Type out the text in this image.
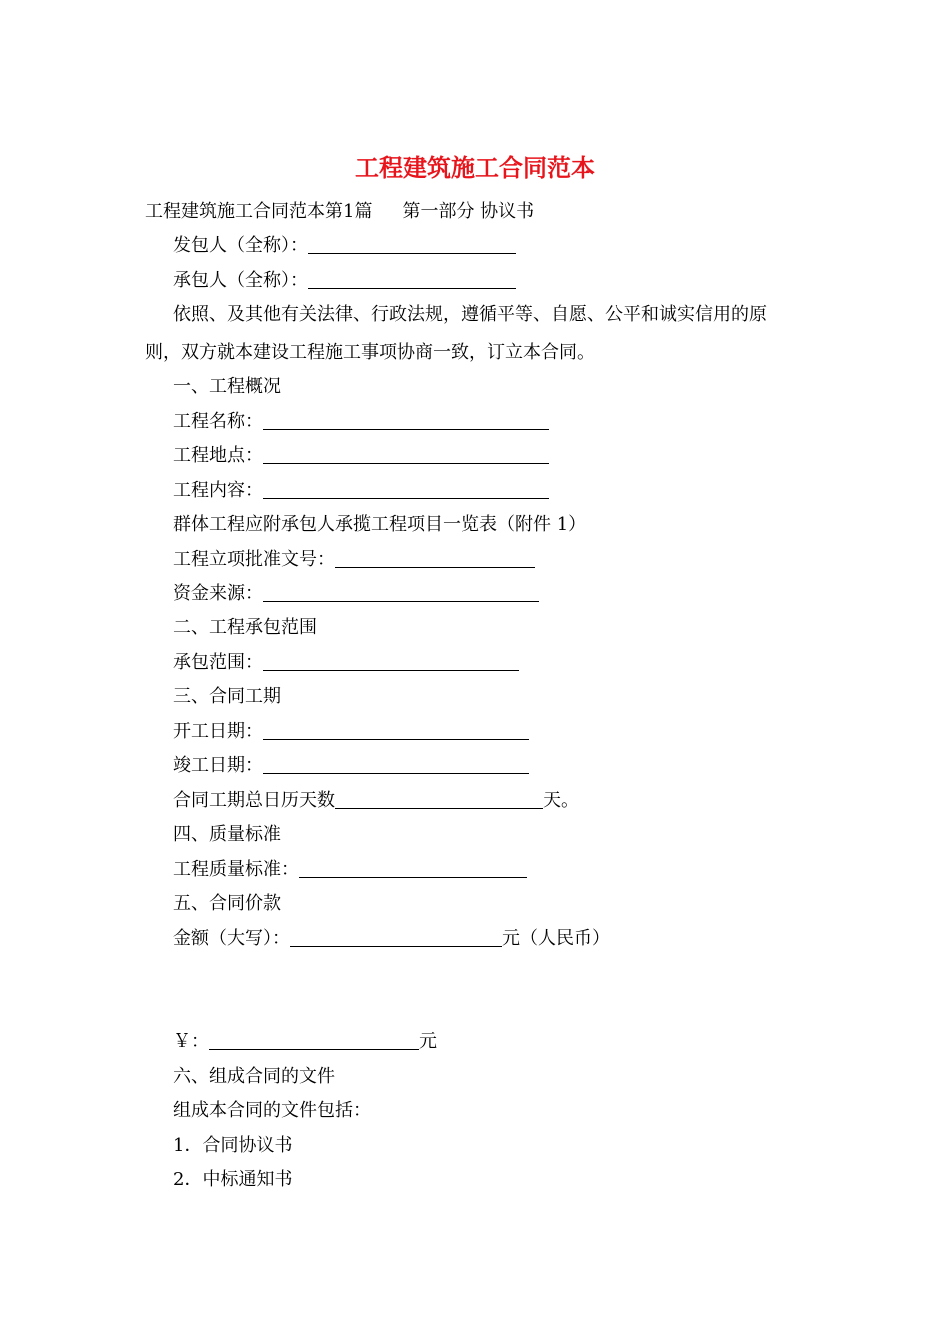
工程建筑施工合同范本
工程建筑施工合同范本第1篇 第一部分 协议书
发包人（全称）：
承包人（全称）：
依照、及其他有关法律、行政法规，遵循平等、自愿、公平和诚实信用的原
则，双方就本建设工程施工事项协商一致，订立本合同。
一、工程概况
工程名称：
工程地点：
工程内容：
群体工程应附承包人承揽工程项目一览表（附件 1）
工程立项批准文号：
资金来源：
二、工程承包范围
承包范围：
三、合同工期
开工日期：
竣工日期：
合同工期总日历天数	天。
四、质量标准
工程质量标准：
五、合同价款
金额（大写）：	元（人民币）
￥：	元
六、组成合同的文件
组成本合同的文件包括：
1．合同协议书
2．中标通知书
